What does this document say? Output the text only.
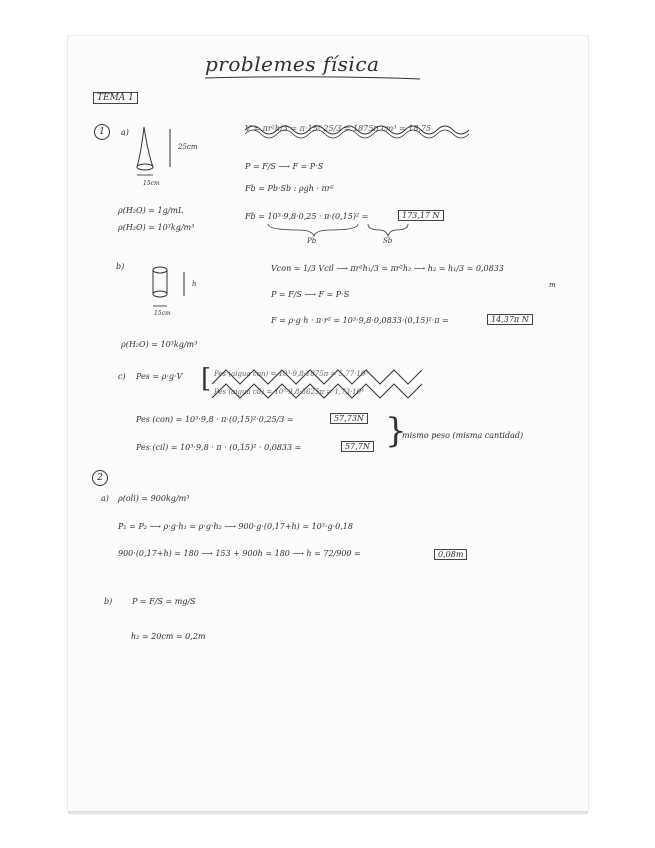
problemes física
TEMA 1
1	a)
25cm
15cm
ρ(H₂O) = 1g/mL
ρ(H₂O) = 10³kg/m³
V = πr²h/3 = π·15²·25/3 = 1875π cm³ = 18,75
P = F/S ⟶ F = P·S
Fb = Pb·Sb : ρgh · πr²
Fb = 10³·9,8·0,25 · π·(0,15)² =	173,17 N
Pb	Sb
b)
h
15cm
Vcon = 1/3 Vcil ⟶ πr²h₁/3 = πr²h₂ ⟶ h₂ = h₁/3 = 0,0833
m
P = F/S ⟶ F = P·S
F = ρ·g·h · π·r² = 10³·9,8·0,0833·(0,15)²·π =	14,37π N
ρ(H₂O) = 10³kg/m³
c) Pes = ρ·g·V [ Pes (aigua con) = 10³·9,8·1875π = 5,77·10³
Pes (aigua cil) = 10³·9,8·5625π = 1,73·10⁴
Pes (con) = 10³·9,8 · π·(0,15)²·0,25/3 =	57,73N
Pes (cil) = 10³·9,8 · π · (0,15)² · 0,0833 =	57,7N }
mismo peso (misma cantidad)
2
a) ρ(oli) = 900kg/m³
P₁ = P₂ ⟶ ρ·g·h₁ = ρ·g·h₂ ⟶ 900·g·(0,17+h) = 10³·g·0,18
900·(0,17+h) = 180 ⟶ 153 + 900h = 180 ⟶ h = 72/900 =	0,08m
b) P = F/S = mg/S
h₂ = 20cm = 0,2m
